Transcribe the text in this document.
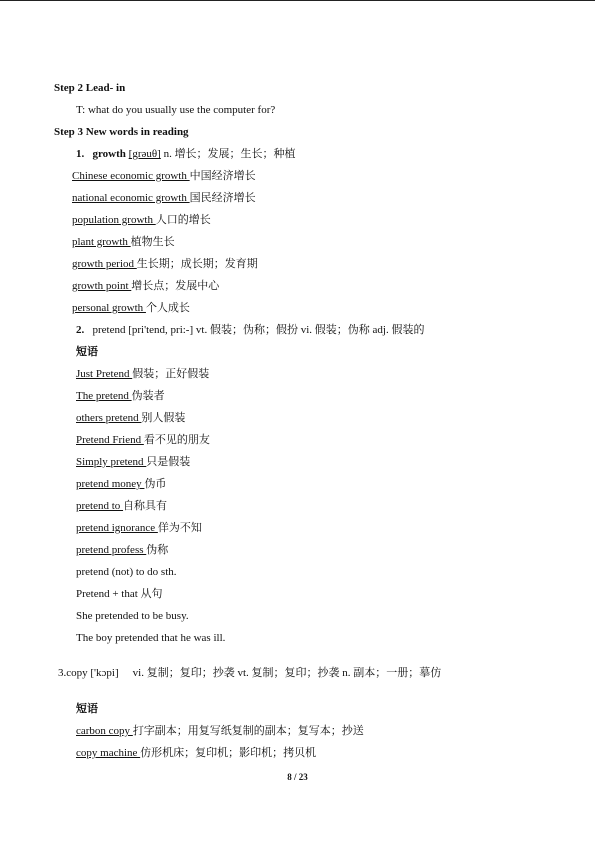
Step 2 Lead- in
T: what do you usually use the computer for?
Step 3 New words in reading
1. growth [grəuθ] n. 增长；发展；生长；种植
Chinese economic growth 中国经济增长
national economic growth 国民经济增长
population growth 人口的增长
plant growth 植物生长
growth period 生长期；成长期；发育期
growth point 增长点；发展中心
personal growth 个人成长
2. pretend [pri'tend, pri:-] vt. 假装；伪称；假扮 vi. 假装；伪称 adj. 假装的
短语
Just Pretend 假装；正好假装
The pretend 伪装者
others pretend 别人假装
Pretend Friend 看不见的朋友
Simply pretend 只是假装
pretend money 伪币
pretend to 自称具有
pretend ignorance 佯为不知
pretend profess 伪称
pretend (not) to do sth.
Pretend + that 从句
She pretended to be busy.
The boy pretended that he was ill.
3.copy ['kɔpi] vi. 复制；复印；抄袭 vt. 复制；复印；抄袭 n. 副本；一册；摹仿
短语
carbon copy 打字副本；用复写纸复制的副本；复写本；抄送
copy machine 仿形机床；复印机；影印机；拷贝机
8 / 23
